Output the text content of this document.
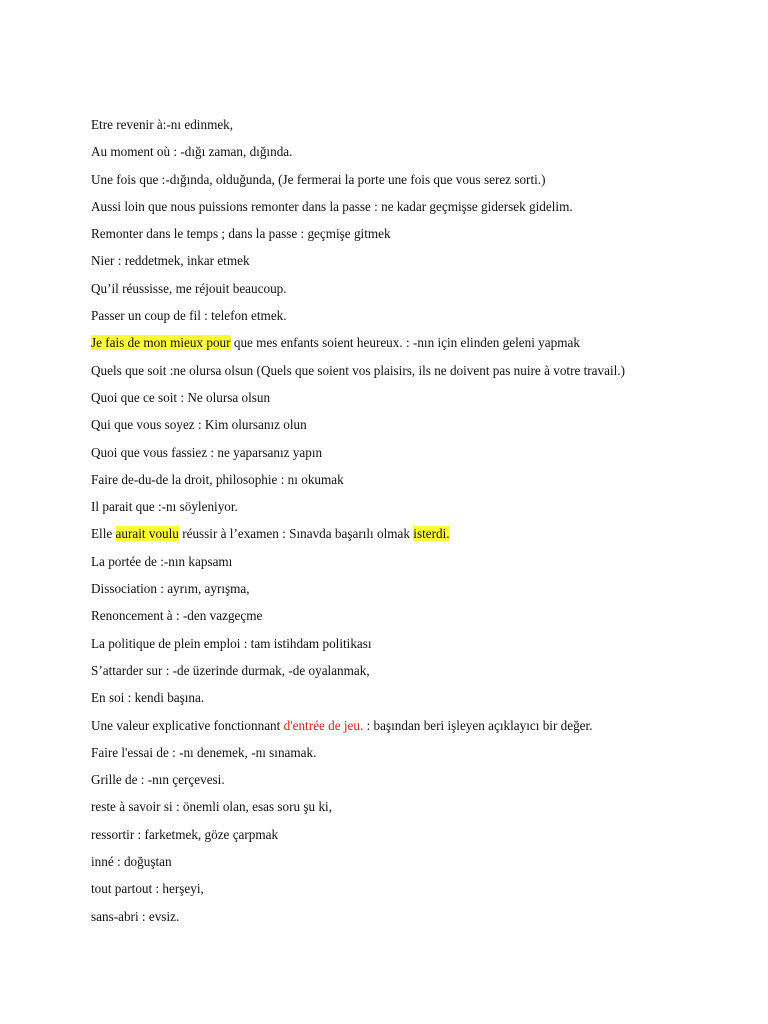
Etre revenir à:-nı edinmek,
Au moment où : -dığı zaman, dığında.
Une fois que :-dığında, olduğunda, (Je fermerai la porte une fois que vous serez sorti.)
Aussi loin que nous puissions remonter dans la passe : ne kadar geçmişse gidersek gidelim.
Remonter dans le temps ; dans la passe : geçmişe gitmek
Nier : reddetmek, inkar etmek
Qu’il réussisse, me réjouit beaucoup.
Passer un coup de fil : telefon etmek.
Je fais de mon mieux pour que mes enfants soient heureux. : -nın için elinden geleni yapmak
Quels que soit :ne olursa olsun (Quels que soient vos plaisirs, ils ne doivent pas nuire à votre travail.)
Quoi que ce soit : Ne olursa olsun
Qui que vous soyez : Kim olursanız olun
Quoi que vous fassiez : ne yaparsanız yapın
Faire de-du-de la droit, philosophie : nı okumak
Il parait que :-nı söyleniyor.
Elle aurait voulu réussir à l’examen : Sınavda başarılı olmak isterdi.
La portée de :-nın kapsamı
Dissociation : ayrım, ayrışma,
Renoncement à : -den vazgeçme
La politique de plein emploi : tam istihdam politikası
S’attarder sur : -de üzerinde durmak, -de oyalanmak,
En soi : kendi başına.
Une valeur explicative fonctionnant d'entrée de jeu. : başından beri işleyen açıklayıcı bir değer.
Faire l'essai de : -nı denemek, -nı sınamak.
Grille de : -nın çerçevesi.
reste à savoir si : önemli olan, esas soru şu ki,
ressortir : farketmek, göze çarpmak
inné : doğuştan
tout partout : herşeyi,
sans-abri : evsiz.
